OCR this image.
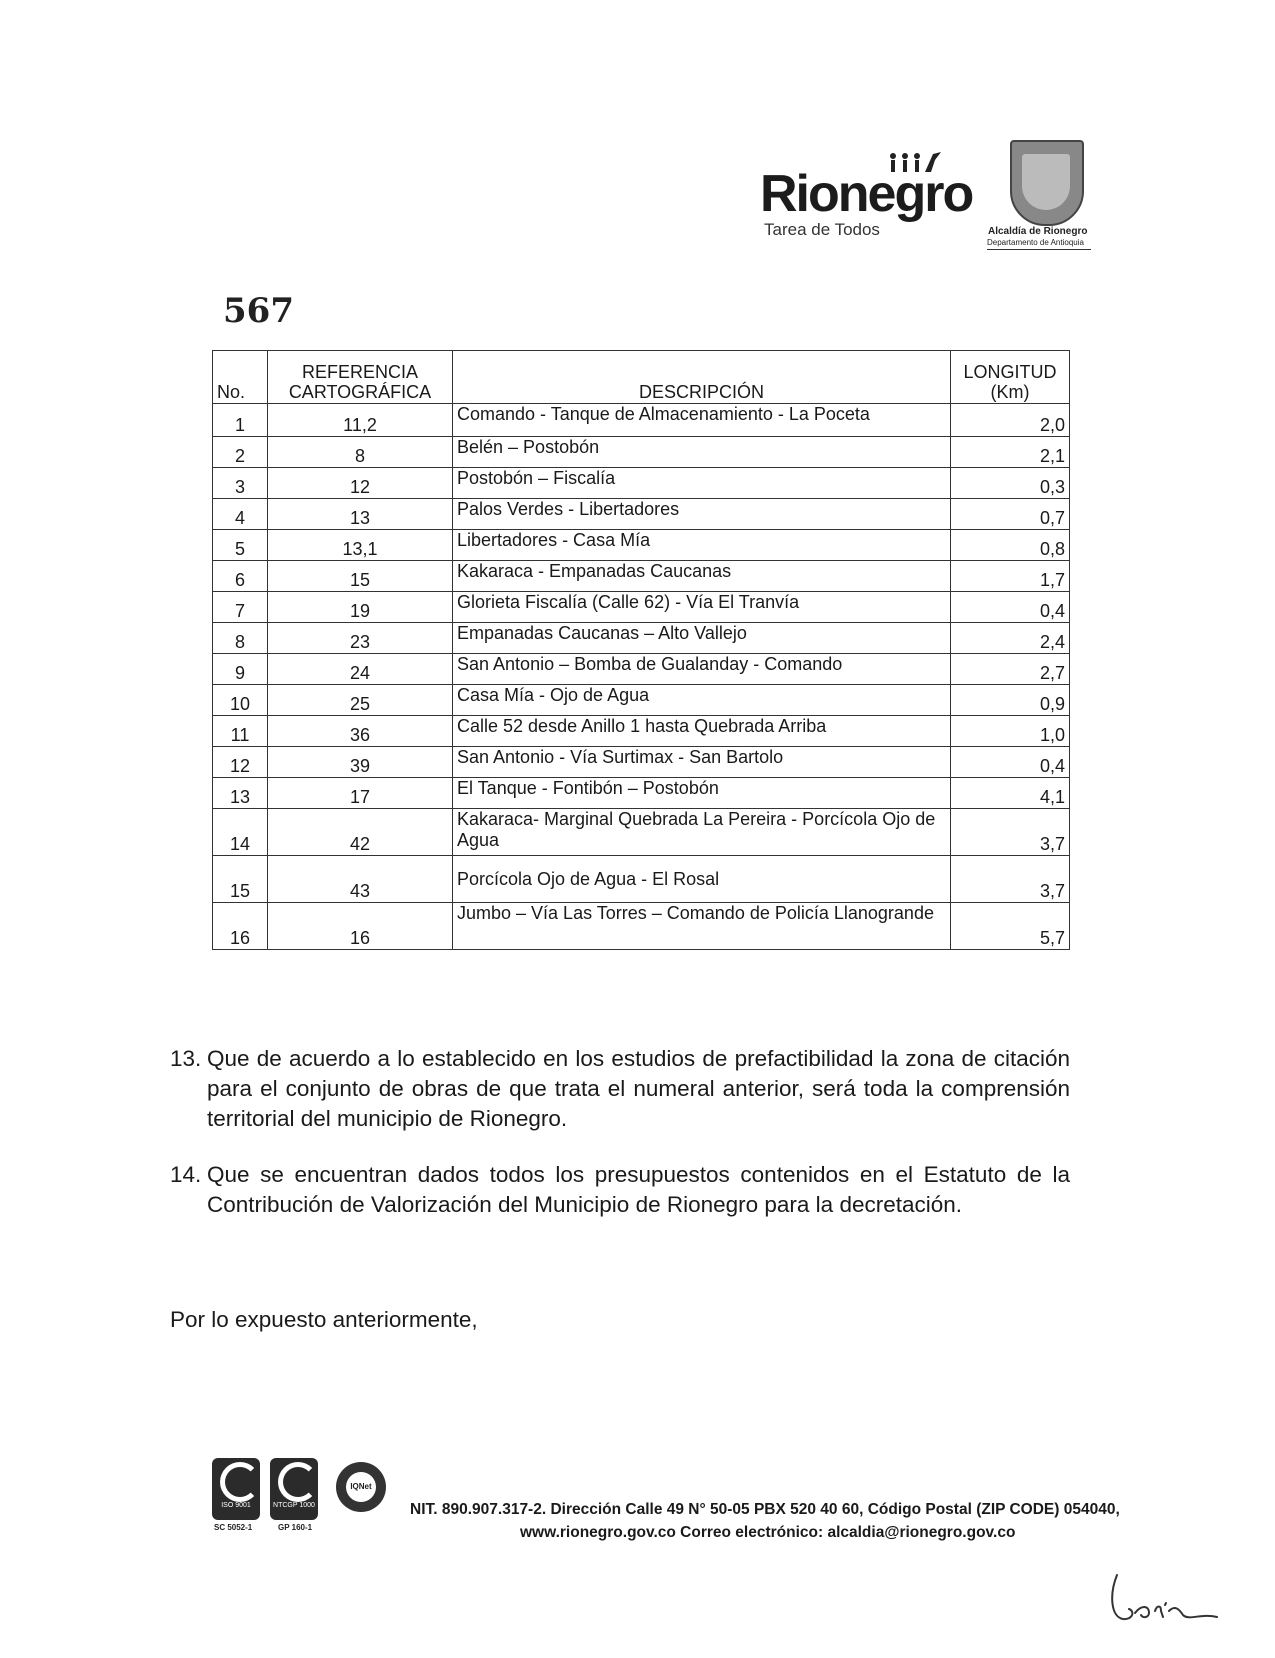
Rionegro
Tarea de Todos	Alcaldía de Rionegro
Departamento de Antioquia
567
No.	REFERENCIA CARTOGRÁFICA	DESCRIPCIÓN	LONGITUD (Km)
1	11,2	Comando - Tanque de Almacenamiento - La Poceta	2,0
2	8	Belén – Postobón	2,1
3	12	Postobón – Fiscalía	0,3
4	13	Palos Verdes - Libertadores	0,7
5	13,1	Libertadores - Casa Mía	0,8
6	15	Kakaraca - Empanadas Caucanas	1,7
7	19	Glorieta Fiscalía (Calle 62) - Vía El Tranvía	0,4
8	23	Empanadas Caucanas – Alto Vallejo	2,4
9	24	San Antonio – Bomba de Gualanday - Comando	2,7
10	25	Casa Mía - Ojo de Agua	0,9
11	36	Calle 52 desde Anillo 1 hasta Quebrada Arriba	1,0
12	39	San Antonio - Vía Surtimax - San Bartolo	0,4
13	17	El Tanque - Fontibón – Postobón	4,1
14	42	Kakaraca- Marginal Quebrada La Pereira - Porcícola Ojo de Agua	3,7
15	43	Porcícola Ojo de Agua - El Rosal	3,7
16	16	Jumbo – Vía Las Torres – Comando de Policía Llanogrande	5,7
13. Que de acuerdo a lo establecido en los estudios de prefactibilidad la zona de citación para el conjunto de obras de que trata el numeral anterior, será toda la comprensión territorial del municipio de Rionegro.
14. Que se encuentran dados todos los presupuestos contenidos en el Estatuto de la Contribución de Valorización del Municipio de Rionegro para la decretación.
Por lo expuesto anteriormente,
ISO 9001	NTCGP 1000
SC 5052-1	GP 160-1
IQNet
NIT. 890.907.317-2. Dirección Calle 49 N° 50-05 PBX 520 40 60, Código Postal (ZIP CODE) 054040,
www.rionegro.gov.co Correo electrónico: alcaldia@rionegro.gov.co
